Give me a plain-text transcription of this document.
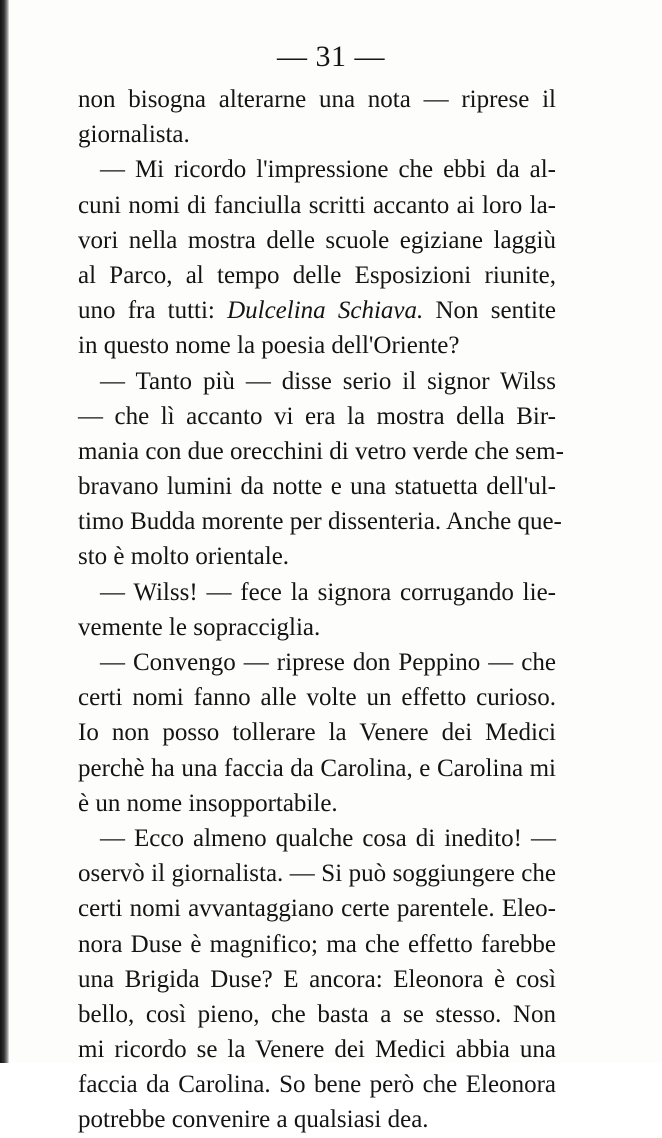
— 31 —
non bisogna alterarne una nota — riprese il
giornalista.
— Mi ricordo l'impressione che ebbi da al-
cuni nomi di fanciulla scritti accanto ai loro la-
vori nella mostra delle scuole egiziane laggiù
al Parco, al tempo delle Esposizioni riunite,
uno fra tutti: Dulcelina Schiava. Non sentite
in questo nome la poesia dell'Oriente?
— Tanto più — disse serio il signor Wilss
— che lì accanto vi era la mostra della Bir-
mania con due orecchini di vetro verde che sem-
bravano lumini da notte e una statuetta dell'ul-
timo Budda morente per dissenteria. Anche que-
sto è molto orientale.
— Wilss! — fece la signora corrugando lie-
vemente le sopracciglia.
— Convengo — riprese don Peppino — che
certi nomi fanno alle volte un effetto curioso.
Io non posso tollerare la Venere dei Medici
perchè ha una faccia da Carolina, e Carolina mi
è un nome insopportabile.
— Ecco almeno qualche cosa di inedito! —
oservò il giornalista. — Si può soggiungere che
certi nomi avvantaggiano certe parentele. Eleo-
nora Duse è magnifico; ma che effetto farebbe
una Brigida Duse? E ancora: Eleonora è così
bello, così pieno, che basta a se stesso. Non
mi ricordo se la Venere dei Medici abbia una
faccia da Carolina. So bene però che Eleonora
potrebbe convenire a qualsiasi dea.
